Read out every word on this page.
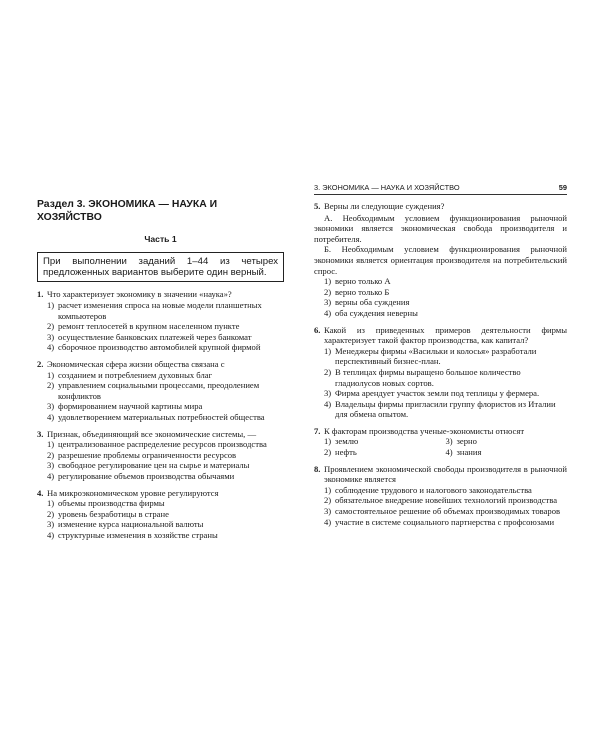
Раздел 3. ЭКОНОМИКА — НАУКА И ХОЗЯЙСТВО
Часть 1
При выполнении заданий 1–44 из четырех предложенных вариантов выберите один верный.
1. Что характеризует экономику в значении «наука»?
1) расчет изменения спроса на новые модели планшетных компьютеров
2) ремонт теплосетей в крупном населенном пункте
3) осуществление банковских платежей через банкомат
4) сборочное производство автомобилей крупной фирмой
2. Экономическая сфера жизни общества связана с
1) созданием и потреблением духовных благ
2) управлением социальными процессами, преодолением конфликтов
3) формированием научной картины мира
4) удовлетворением материальных потребностей общества
3. Признак, объединяющий все экономические системы, —
1) централизованное распределение ресурсов производства
2) разрешение проблемы ограниченности ресурсов
3) свободное регулирование цен на сырье и материалы
4) регулирование объемов производства обычаями
4. На микроэкономическом уровне регулируются
1) объемы производства фирмы
2) уровень безработицы в стране
3) изменение курса национальной валюты
4) структурные изменения в хозяйстве страны
3. ЭКОНОМИКА — НАУКА И ХОЗЯЙСТВО	59
5. Верны ли следующие суждения?
А. Необходимым условием функционирования рыночной экономики является экономическая свобода производителя и потребителя.
Б. Необходимым условием функционирования рыночной экономики является ориентация производителя на потребительский спрос.
1) верно только А
2) верно только Б
3) верны оба суждения
4) оба суждения неверны
6. Какой из приведенных примеров деятельности фирмы характеризует такой фактор производства, как капитал?
1) Менеджеры фирмы «Васильки и колосья» разработали перспективный бизнес-план.
2) В теплицах фирмы выращено большое количество гладиолусов новых сортов.
3) Фирма арендует участок земли под теплицы у фермера.
4) Владельцы фирмы пригласили группу флористов из Италии для обмена опытом.
7. К факторам производства ученые-экономисты относят
1) землю	3) зерно
2) нефть	4) знания
8. Проявлением экономической свободы производителя в рыночной экономике является
1) соблюдение трудового и налогового законодательства
2) обязательное внедрение новейших технологий производства
3) самостоятельное решение об объемах производимых товаров
4) участие в системе социального партнерства с профсоюзами
